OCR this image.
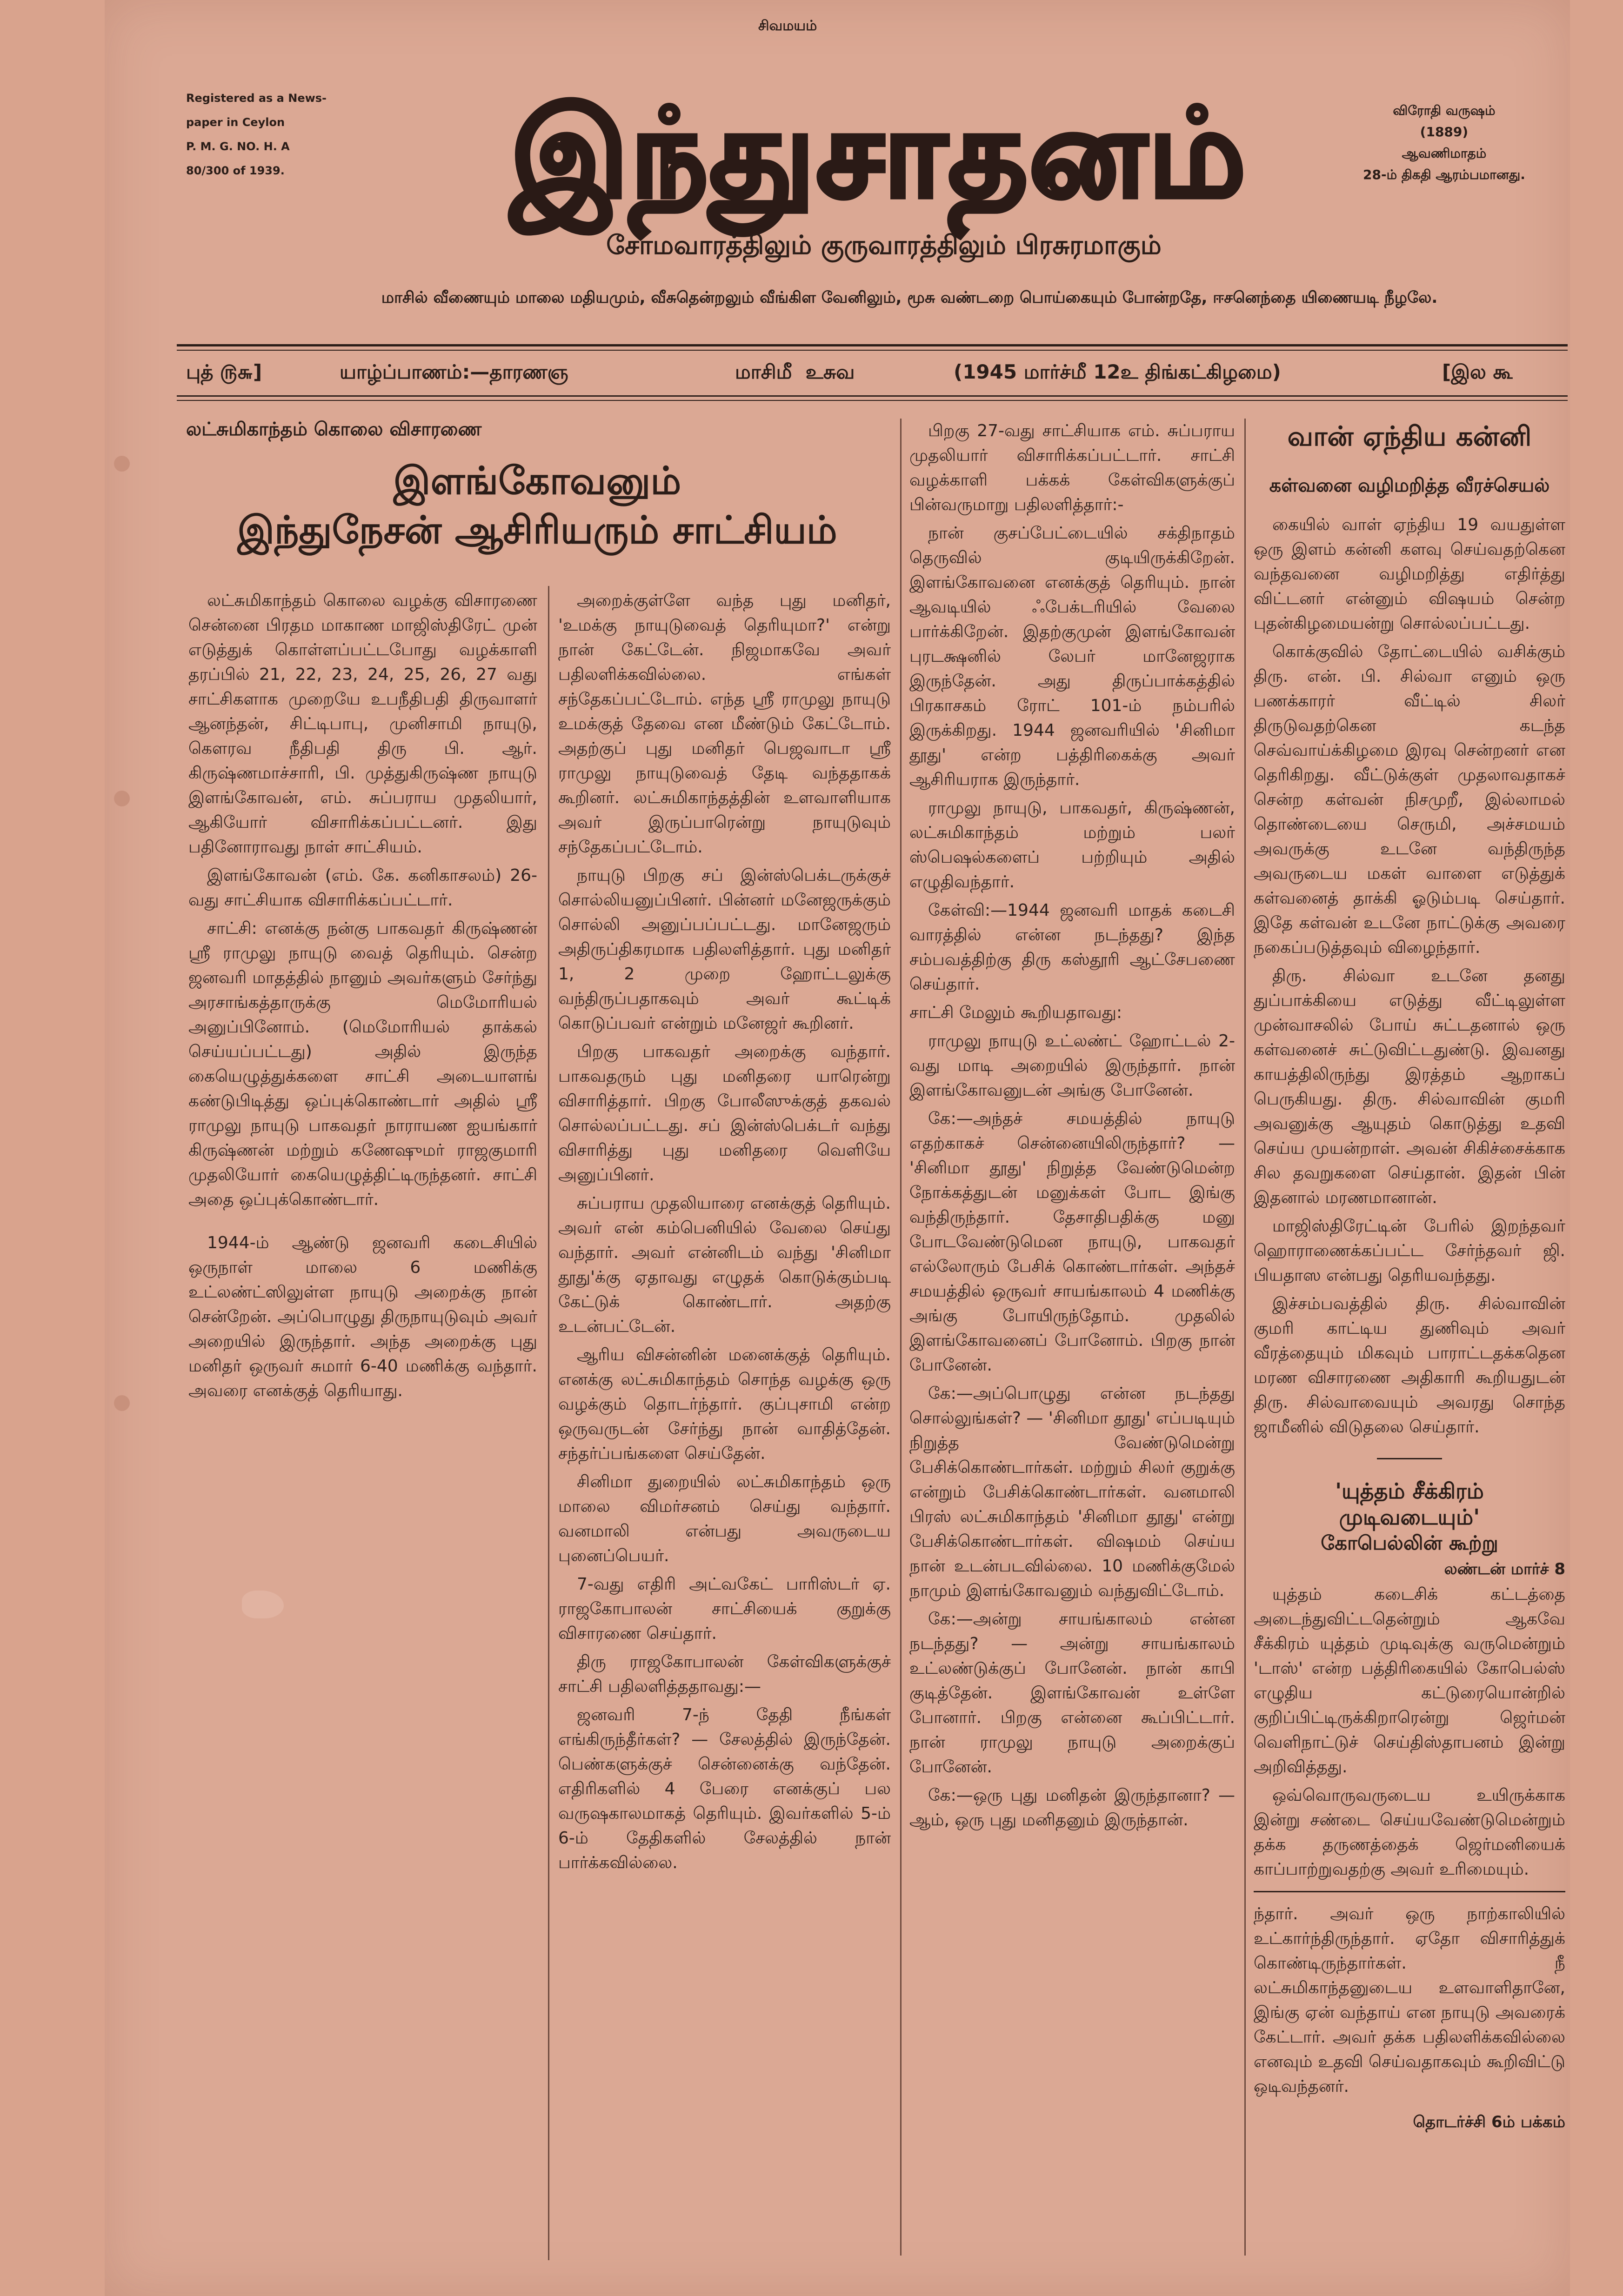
சிவமயம்
Registered as a News-
paper in Ceylon
P. M. G. NO. H. A
80/300 of 1939.	இந்துசாதனம்	விரோதி வருஷம்
(1889)
ஆவணிமாதம்
28-ம் திகதி ஆரம்பமானது.
சோமவாரத்திலும் குருவாரத்திலும் பிரசுரமாகும்
மாசில் வீணையும் மாலை மதியமும், வீசுதென்றலும் வீங்கிள வேனிலும், மூசு வண்டறை பொய்கையும் போன்றதே, ஈசனெந்தை யிணையடி நீழலே.
புத் ௫௬]	யாழ்ப்பாணம்:—தாரணஞ	மாசிமீ  உசுவ	(1945 மார்ச்மீ 12உ திங்கட்கிழமை)	[இல கூ
லட்சுமிகாந்தம் கொலை விசாரணை
இளங்கோவனும்
இந்துநேசன் ஆசிரியரும் சாட்சியம்

லட்சுமிகாந்தம் கொலை வழக்கு விசாரணை சென்னை பிரதம மாகாண மாஜிஸ்திரேட் முன் எடுத்துக் கொள்ளப்பட்டபோது வழக்காளி தரப்பில் 21, 22, 23, 24, 25, 26, 27 வது சாட்சிகளாக முறையே உபநீதிபதி திருவாளர் ஆனந்தன், சிட்டிபாபு, முனிசாமி நாயுடு, கௌரவ நீதிபதி திரு பி. ஆர். கிருஷ்ணமாச்சாரி, பி. முத்துகிருஷ்ண நாயுடு இளங்கோவன், எம். சுப்பராய முதலியார், ஆகியோர் விசாரிக்கப்பட்டனர். இது பதினோராவது நாள் சாட்சியம்.

இளங்கோவன் (எம். கே. கனிகாசலம்) 26-வது சாட்சியாக விசாரிக்கப்பட்டார்.

சாட்சி: எனக்கு நன்கு பாகவதர் கிருஷ்ணன் ஸ்ரீ ராமுலு நாயுடு வைத் தெரியும். சென்ற ஜனவரி மாதத்தில் நானும் அவர்களும் சேர்ந்து அரசாங்கத்தாருக்கு மெமோரியல் அனுப்பினோம். (மெமோரியல் தாக்கல் செய்யப்பட்டது) அதில் இருந்த கையெழுத்துக்களை சாட்சி அடையாளங் கண்டுபிடித்து ஒப்புக்கொண்டார் அதில் ஸ்ரீ ராமுலு நாயுடு பாகவதர் நாராயண ஐயங்கார் கிருஷ்ணன் மற்றும் கணேஷுமர் ராஜகுமாரி முதலியோர் கையெழுத்திட்டிருந்தனர். சாட்சி அதை ஒப்புக்கொண்டார்.

1944-ம் ஆண்டு ஜனவரி கடைசியில் ஒருநாள் மாலை 6 மணிக்கு உட்லண்ட்ஸிலுள்ள நாயுடு அறைக்கு நான் சென்றேன். அப்பொழுது திருநாயுடுவும் அவர் அறையில் இருந்தார். அந்த அறைக்கு புது மனிதர் ஒருவர் சுமார் 6-40 மணிக்கு வந்தார். அவரை எனக்குத் தெரியாது.

அறைக்குள்ளே வந்த புது மனிதர், 'உமக்கு நாயுடுவைத் தெரியுமா?' என்று நான் கேட்டேன். நிஜமாகவே அவர் பதிலளிக்கவில்லை. எங்கள் சந்தேகப்பட்டோம். எந்த ஸ்ரீ ராமுலு நாயுடு உமக்குத் தேவை என மீண்டும் கேட்டோம். அதற்குப் புது மனிதர் பெஜவாடா ஸ்ரீ ராமுலு நாயுடுவைத் தேடி வந்ததாகக் கூறினர். லட்சுமிகாந்தத்தின் உளவாளியாக அவர் இருப்பாரென்று நாயுடுவும் சந்தேகப்பட்டோம்.

நாயுடு பிறகு சப் இன்ஸ்பெக்டருக்குச் சொல்லியனுப்பினர். பின்னர் மனேஜருக்கும் சொல்லி அனுப்பப்பட்டது. மானேஜரும் அதிருப்திகரமாக பதிலளித்தார். புது மனிதர் 1, 2 முறை ஹோட்டலுக்கு வந்திருப்பதாகவும் அவர் கூட்டிக் கொடுப்பவர் என்றும் மனேஜர் கூறினர்.

பிறகு பாகவதர் அறைக்கு வந்தார். பாகவதரும் புது மனிதரை யாரென்று விசாரித்தார். பிறகு போலீஸுக்குத் தகவல் சொல்லப்பட்டது. சப் இன்ஸ்பெக்டர் வந்து விசாரித்து புது மனிதரை வெளியே அனுப்பினர்.

சுப்பராய முதலியாரை எனக்குத் தெரியும். அவர் என் கம்பெனியில் வேலை செய்து வந்தார். அவர் என்னிடம் வந்து 'சினிமா தூது'க்கு ஏதாவது எழுதக் கொடுக்கும்படி கேட்டுக் கொண்டார். அதற்கு உடன்பட்டேன்.

ஆரிய விசன்னின் மனைக்குத் தெரியும். எனக்கு லட்சுமிகாந்தம் சொந்த வழக்கு ஒரு வழக்கும் தொடர்ந்தார். குப்புசாமி என்ற ஒருவருடன் சேர்ந்து நான் வாதித்தேன். சந்தர்ப்பங்களை செய்தேன்.

சினிமா துறையில் லட்சுமிகாந்தம் ஒரு மாலை விமர்சனம் செய்து வந்தார். வனமாலி என்பது அவருடைய புனைப்பெயர்.

7-வது எதிரி அட்வகேட் பாரிஸ்டர் ஏ. ராஜகோபாலன் சாட்சியைக் குறுக்கு விசாரணை செய்தார்.

திரு ராஜகோபாலன் கேள்விகளுக்குச் சாட்சி பதிலளித்ததாவது:—

ஜனவரி 7-ந் தேதி நீங்கள் எங்கிருந்தீர்கள்? — சேலத்தில் இருந்தேன். பெண்களுக்குச் சென்னைக்கு வந்தேன். எதிரிகளில் 4 பேரை எனக்குப் பல வருஷகாலமாகத் தெரியும். இவர்களில் 5-ம் 6-ம் தேதிகளில் சேலத்தில் நான் பார்க்கவில்லை.

பிறகு 27-வது சாட்சியாக எம். சுப்பராய முதலியார் விசாரிக்கப்பட்டார். சாட்சி வழக்காளி பக்கக் கேள்விகளுக்குப் பின்வருமாறு பதிலளித்தார்:-

நான் குசப்பேட்டையில் சக்திநாதம் தெருவில் குடியிருக்கிறேன். இளங்கோவனை எனக்குத் தெரியும். நான் ஆவடியில் ஃபேக்டரியில் வேலை பார்க்கிறேன். இதற்குமுன் இளங்கோவன் புரடக்ஷனில் லேபர் மானேஜராக இருந்தேன். அது திருப்பாக்கத்தில் பிரகாசகம் ரோட் 101-ம் நம்பரில் இருக்கிறது. 1944 ஜனவரியில் 'சினிமா தூது' என்ற பத்திரிகைக்கு அவர் ஆசிரியராக இருந்தார்.

ராமுலு நாயுடு, பாகவதர், கிருஷ்ணன், லட்சுமிகாந்தம் மற்றும் பலர் ஸ்பெஷல்களைப் பற்றியும் அதில் எழுதிவந்தார்.

கேள்வி:—1944 ஜனவரி மாதக் கடைசி வாரத்தில் என்ன நடந்தது? இந்த சம்பவத்திற்கு திரு கஸ்தூரி ஆட்சேபணை செய்தார்.

சாட்சி மேலும் கூறியதாவது:

ராமுலு நாயுடு உட்லண்ட் ஹோட்டல் 2-வது மாடி அறையில் இருந்தார். நான் இளங்கோவனுடன் அங்கு போனேன்.

கே:—அந்தச் சமயத்தில் நாயுடு எதற்காகச் சென்னையிலிருந்தார்? — 'சினிமா தூது' நிறுத்த வேண்டுமென்ற நோக்கத்துடன் மனுக்கள் போட இங்கு வந்திருந்தார். தேசாதிபதிக்கு மனு போடவேண்டுமென நாயுடு, பாகவதர் எல்லோரும் பேசிக் கொண்டார்கள். அந்தச் சமயத்தில் ஒருவர் சாயங்காலம் 4 மணிக்கு அங்கு போயிருந்தோம். முதலில் இளங்கோவனைப் போனோம். பிறகு நான் போனேன்.

கே:—அப்பொழுது என்ன நடந்தது சொல்லுங்கள்? — 'சினிமா தூது' எப்படியும் நிறுத்த வேண்டுமென்று பேசிக்கொண்டார்கள். மற்றும் சிலர் குறுக்கு என்றும் பேசிக்கொண்டார்கள். வனமாலி பிரஸ் லட்சுமிகாந்தம் 'சினிமா தூது' என்று பேசிக்கொண்டார்கள். விஷமம் செய்ய நான் உடன்படவில்லை. 10 மணிக்குமேல் நாமும் இளங்கோவனும் வந்துவிட்டோம்.

கே:—அன்று சாயங்காலம் என்ன நடந்தது? — அன்று சாயங்காலம் உட்லண்டுக்குப் போனேன். நான் காபி குடித்தேன். இளங்கோவன் உள்ளே போனார். பிறகு என்னை கூப்பிட்டார். நான் ராமுலு நாயுடு அறைக்குப் போனேன்.

கே:—ஒரு புது மனிதன் இருந்தானா? — ஆம், ஒரு புது மனிதனும் இருந்தான்.

வான் ஏந்திய கன்னி
கள்வனை வழிமறித்த வீரச்செயல்

கையில் வாள் ஏந்திய 19 வயதுள்ள ஒரு இளம் கன்னி களவு செய்வதற்கென வந்தவனை வழிமறித்து எதிர்த்து விட்டனர் என்னும் விஷயம் சென்ற புதன்கிழமையன்று சொல்லப்பட்டது.

கொக்குவில் தோட்டையில் வசிக்கும் திரு. என். பி. சில்வா எனும் ஒரு பணக்காரர் வீட்டில் சிலர் திருடுவதற்கென கடந்த செவ்வாய்க்கிழமை இரவு சென்றனர் என தெரிகிறது. வீட்டுக்குள் முதலாவதாகச் சென்ற கள்வன் நிசமுறீ, இல்லாமல் தொண்டையை செருமி, அச்சமயம் அவருக்கு உடனே வந்திருந்த அவருடைய மகள் வாளை எடுத்துக் கள்வனைத் தாக்கி ஓடும்படி செய்தார். இதே கள்வன் உடனே நாட்டுக்கு அவரை நகைப்படுத்தவும் விழைந்தார்.

திரு. சில்வா உடனே தனது துப்பாக்கியை எடுத்து வீட்டிலுள்ள முன்வாசலில் போய் சுட்டதனால் ஒரு கள்வனைச் சுட்டுவிட்டதுண்டு. இவனது காயத்திலிருந்து இரத்தம் ஆறாகப் பெருகியது. திரு. சில்வாவின் குமரி அவனுக்கு ஆயுதம் கொடுத்து உதவி செய்ய முயன்றாள். அவன் சிகிச்சைக்காக சில தவறுகளை செய்தான். இதன் பின் இதனால் மரணமானான்.

மாஜிஸ்திரேட்டின் பேரில் இறந்தவர் ஹொராணைக்கப்பட்ட சேர்ந்தவர் ஜி. பியதாஸ என்பது தெரியவந்தது.

இச்சம்பவத்தில் திரு. சில்வாவின் குமரி காட்டிய துணிவும் அவர் வீரத்தையும் மிகவும் பாராட்டதக்கதென மரண விசாரணை அதிகாரி கூறியதுடன் திரு. சில்வாவையும் அவரது சொந்த ஜாமீனில் விடுதலை செய்தார்.

'யுத்தம் சீக்கிரம்
முடிவடையும்'
கோபெல்லின் கூற்று
லண்டன் மார்ச் 8

யுத்தம் கடைசிக் கட்டத்தை அடைந்துவிட்டதென்றும் ஆகவே சீக்கிரம் யுத்தம் முடிவுக்கு வருமென்றும் 'டாஸ்' என்ற பத்திரிகையில் கோபெல்ஸ் எழுதிய கட்டுரையொன்றில் குறிப்பிட்டிருக்கிறாரென்று ஜெர்மன் வெளிநாட்டுச் செய்திஸ்தாபனம் இன்று அறிவித்தது.

ஒவ்வொருவருடைய உயிருக்காக இன்று சண்டை செய்யவேண்டுமென்றும் தக்க தருணத்தைக் ஜெர்மனியைக் காப்பாற்றுவதற்கு அவர் உரிமையும்.

ந்தார். அவர் ஒரு நாற்காலியில் உட்கார்ந்திருந்தார். ஏதோ விசாரித்துக் கொண்டிருந்தார்கள். நீ லட்சுமிகாந்தனுடைய உளவாளிதானே, இங்கு ஏன் வந்தாய் என நாயுடு அவரைக் கேட்டார். அவர் தக்க பதிலளிக்கவில்லை எனவும் உதவி செய்வதாகவும் கூறிவிட்டு ஒடிவந்தனர்.

தொடர்ச்சி 6ம் பக்கம்
